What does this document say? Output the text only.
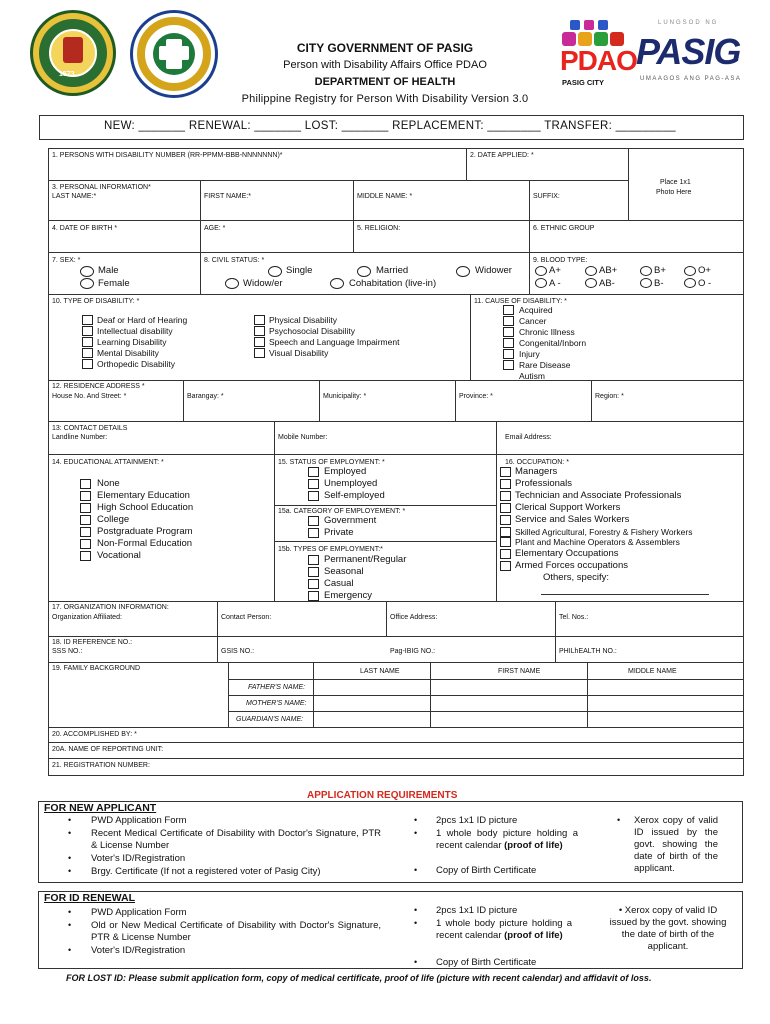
1573
CITY GOVERNMENT OF PASIG
Person with Disability Affairs Office PDAO
DEPARTMENT OF HEALTH
Philippine Registry for Person With Disability Version 3.0
PDAO
PASIG CITY
LUNGSOD NG
PASIG
UMAAGOS ANG PAG-ASA
NEW: _______ RENEWAL: _______ LOST: _______ REPLACEMENT: ________ TRANSFER: _________
1. PERSONS WITH DISABILITY NUMBER (RR-PPMM-BBB-NNNNNNN)*	2. DATE APPLIED: *
Place 1x1
Photo Here
3. PERSONAL INFORMATION*
LAST NAME:*	FIRST NAME:*	MIDDLE NAME: *	SUFFIX:
4. DATE OF BIRTH *	AGE: *	5. RELIGION:	6. ETHNIC GROUP
7. SEX: *
Male
Female
8. CIVIL STATUS: *
Single	Married	Widower
Widow/er	Cohabitation (live-in)
9. BLOOD TYPE:
A+	AB+	B+	O+
A -	AB-	B-	O -
10. TYPE OF DISABILITY: *
Deaf or Hard of Hearing
Intellectual disability
Learning Disability
Mental Disability
Orthopedic Disability
Physical Disability
Psychosocial Disability
Speech and Language Impairment
Visual Disability
11. CAUSE OF DISABILITY: *
Acquired
Cancer
Chronic Illness
Congenital/Inborn
Injury
Rare Disease
Autism
12. RESIDENCE ADDRESS *
House No. And Street: *	Barangay: *	Municipality: *	Province: *	Region: *
13: CONTACT DETAILS
Landline Number:	Mobile Number:	Email Address:
14. EDUCATIONAL ATTAINMENT: *
None
Elementary Education
High School Education
College
Postgraduate Program
Non-Formal Education
Vocational
15. STATUS OF EMPLOYMENT: *
Employed
Unemployed
Self-employed
15a. CATEGORY OF EMPLOYEMENT: *
Government
Private
15b. TYPES OF EMPLOYMENT:*
Permanent/Regular
Seasonal
Casual
Emergency
16. OCCUPATION: *
Managers
Professionals
Technician and Associate Professionals
Clerical Support Workers
Service and Sales Workers
Skilled Agricultural, Forestry & Fishery Workers
Plant and Machine Operators & Assemblers
Elementary Occupations
Armed Forces occupations
Others, specify:
17. ORGANIZATION INFORMATION:
Organization Affiliated:	Contact Person:	Office Address:	Tel. Nos.:
18. ID REFERENCE NO.:
SSS NO.:	GSIS NO.:	Pag-IBIG NO.:	PHILhEALTH NO.:
19. FAMILY BACKGROUND	LAST NAME	FIRST NAME	MIDDLE NAME
FATHER'S NAME:
MOTHER'S NAME:
GUARDIAN'S NAME:
20. ACCOMPLISHED BY: *
20A. NAME OF REPORTING UNIT:
21. REGISTRATION NUMBER:
APPLICATION REQUIREMENTS
FOR NEW APPLICANT
• PWD Application Form
• Recent Medical Certificate of Disability with Doctor's Signature, PTR & License Number
• Voter's ID/Registration
• Brgy. Certificate (If not a registered voter of Pasig City)
• 2pcs 1x1 ID picture
• 1 whole body picture holding a recent calendar (proof of life)
• Copy of Birth Certificate
• Xerox copy of valid ID issued by the govt. showing the date of birth of the applicant.
FOR ID RENEWAL
• PWD Application Form
• Old or New Medical Certificate of Disability with Doctor's Signature, PTR & License Number
• Voter's ID/Registration
• 2pcs 1x1 ID picture
• 1 whole body picture holding a recent calendar (proof of life)
• Copy of Birth Certificate
• Xerox copy of valid ID issued by the govt. showing the date of birth of the applicant.
FOR LOST ID: Please submit application form, copy of medical certificate, proof of life (picture with recent calendar) and affidavit of loss.
